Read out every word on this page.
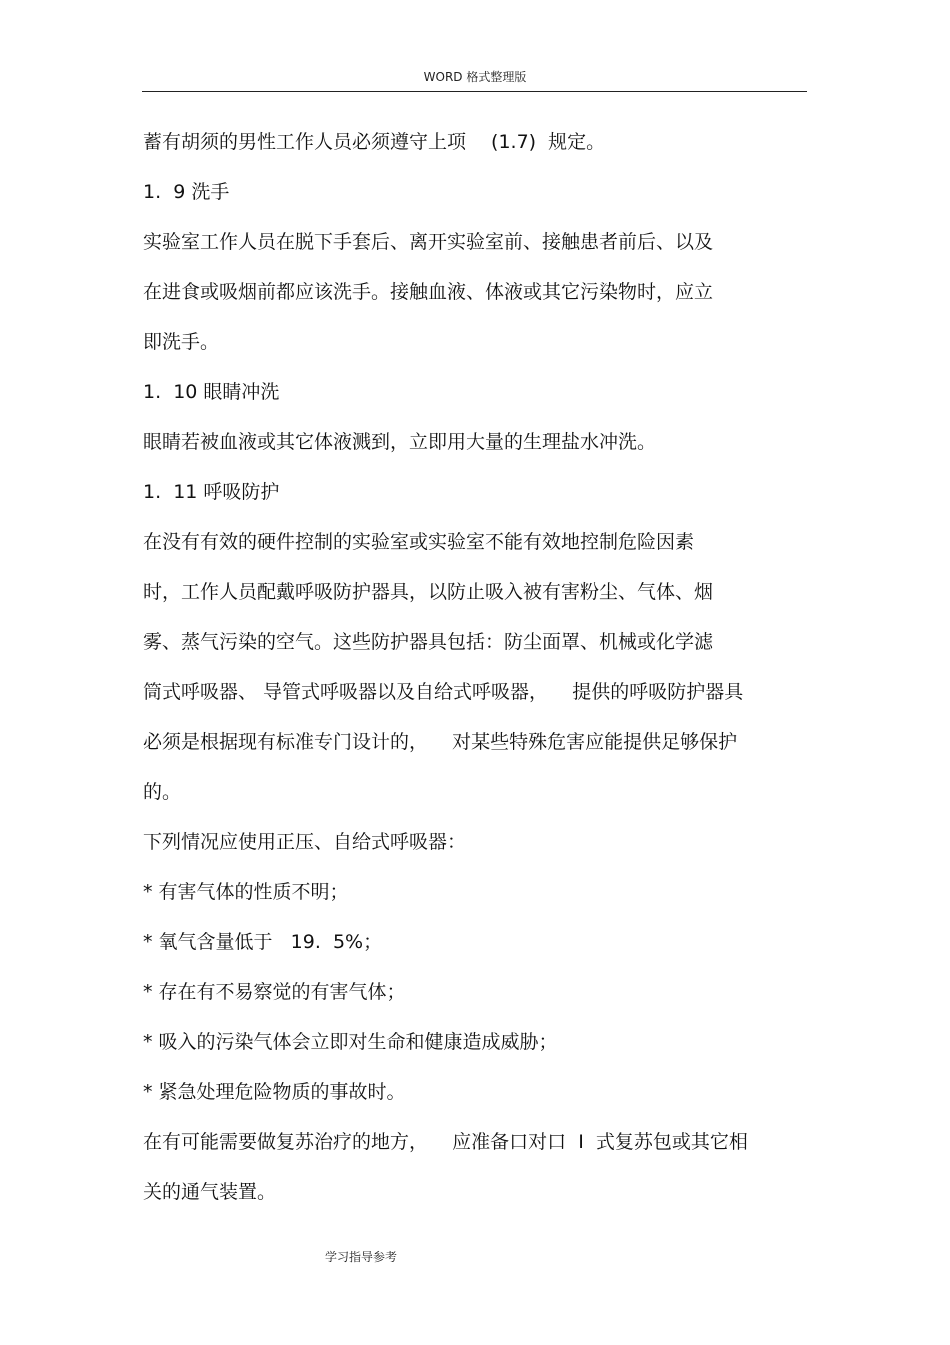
WORD 格式整理版
蓄有胡须的男性工作人员必须遵守上项　 (1.7)  规定。
1.  9 洗手
实验室工作人员在脱下手套后、离开实验室前、接触患者前后、以及
在进食或吸烟前都应该洗手。接触血液、体液或其它污染物时，应立
即洗手。
1.  10 眼睛冲洗
眼睛若被血液或其它体液溅到，立即用大量的生理盐水冲洗。
1.  11 呼吸防护
在没有有效的硬件控制的实验室或实验室不能有效地控制危险因素
时，工作人员配戴呼吸防护器具，以防止吸入被有害粉尘、气体、烟
雾、蒸气污染的空气。这些防护器具包括：防尘面罩、机械或化学滤
筒式呼吸器、 导管式呼吸器以及自给式呼吸器，    提供的呼吸防护器具
必须是根据现有标准专门设计的，    对某些特殊危害应能提供足够保护
的。
下列情况应使用正压、自给式呼吸器：
* 有害气体的性质不明；
* 氧气含量低于   19.  5%；
* 存在有不易察觉的有害气体；
* 吸入的污染气体会立即对生命和健康造成威胁；
* 紧急处理危险物质的事故时。
在有可能需要做复苏治疗的地方，    应准备口对口  I  式复苏包或其它相
关的通气装置。
学习指导参考
